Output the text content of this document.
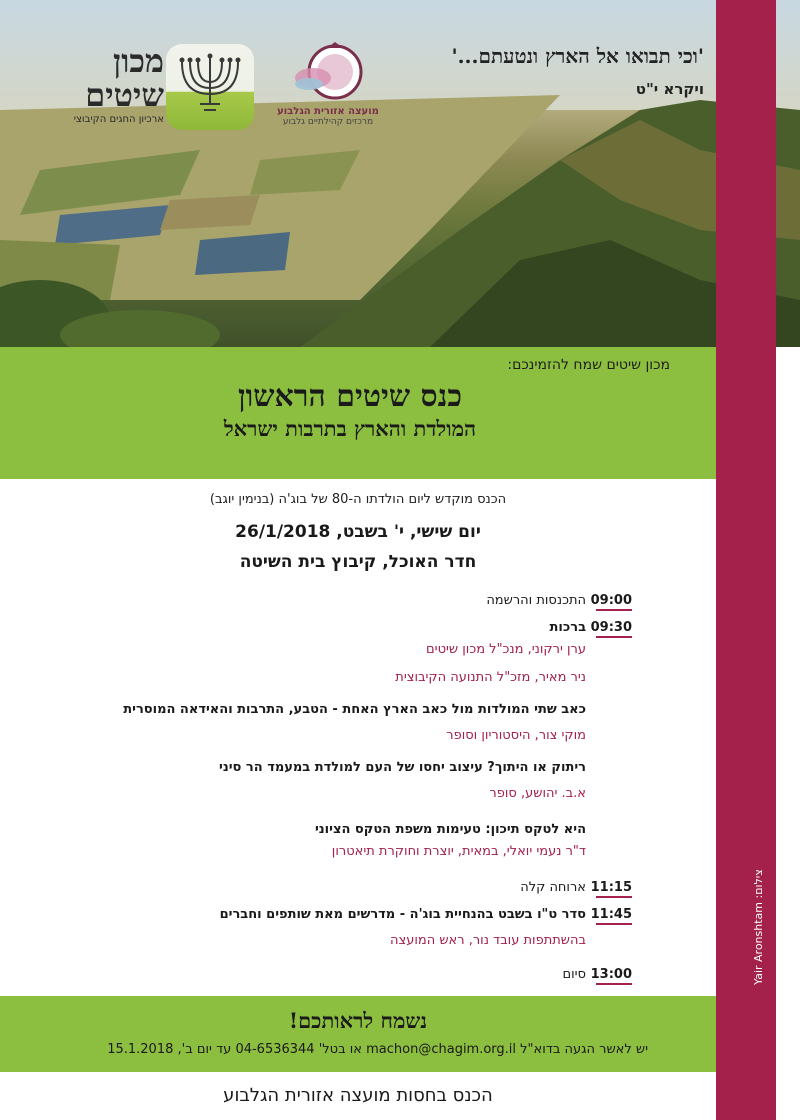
מכון שיטים
ארכיון החגים הקיבוצי
מועצה אזורית הגלבוע
מרכזים קהילתיים גלבוע
'וכי תבואו אל הארץ ונטעתם...'
ויקרא י"ט
צילום: Yair Aronshtam
מכון שיטים שמח להזמינכם:
כנס שיטים הראשון
המולדת והארץ בתרבות ישראל
הכנס מוקדש ליום הולדתו ה-80 של בוג'ה (בנימין יוגב)
יום שישי, י' בשבט, 26/1/2018
חדר האוכל, קיבוץ בית השיטה
09:00התכנסות והרשמה
09:30ברכות
ערן ירקוני, מנכ"ל מכון שיטים
ניר מאיר, מזכ"ל התנועה הקיבוצית
כאב שתי המולדות מול כאב הארץ האחת - הטבע, התרבות והאידאה המוסרית
מוקי צור, היסטוריון וסופר
ריתוק או היתוך? עיצוב יחסו של העם למולדת במעמד הר סיני
א.ב. יהושע, סופר
היא לטקס תיכון: טעימות משפת הטקס הציוני
ד"ר נעמי יואלי, במאית, יוצרת וחוקרת תיאטרון
11:15ארוחה קלה
11:45סדר ט"ו בשבט בהנחיית בוג'ה - מדרשים מאת שותפים וחברים
בהשתתפות עובד נור, ראש המועצה
13:00סיום
נשמח לראותכם!
יש לאשר הגעה בדוא"ל machon@chagim.org.il או בטל' 04-6536344 עד יום ב', 15.1.2018
הכנס בחסות מועצה אזורית הגלבוע
